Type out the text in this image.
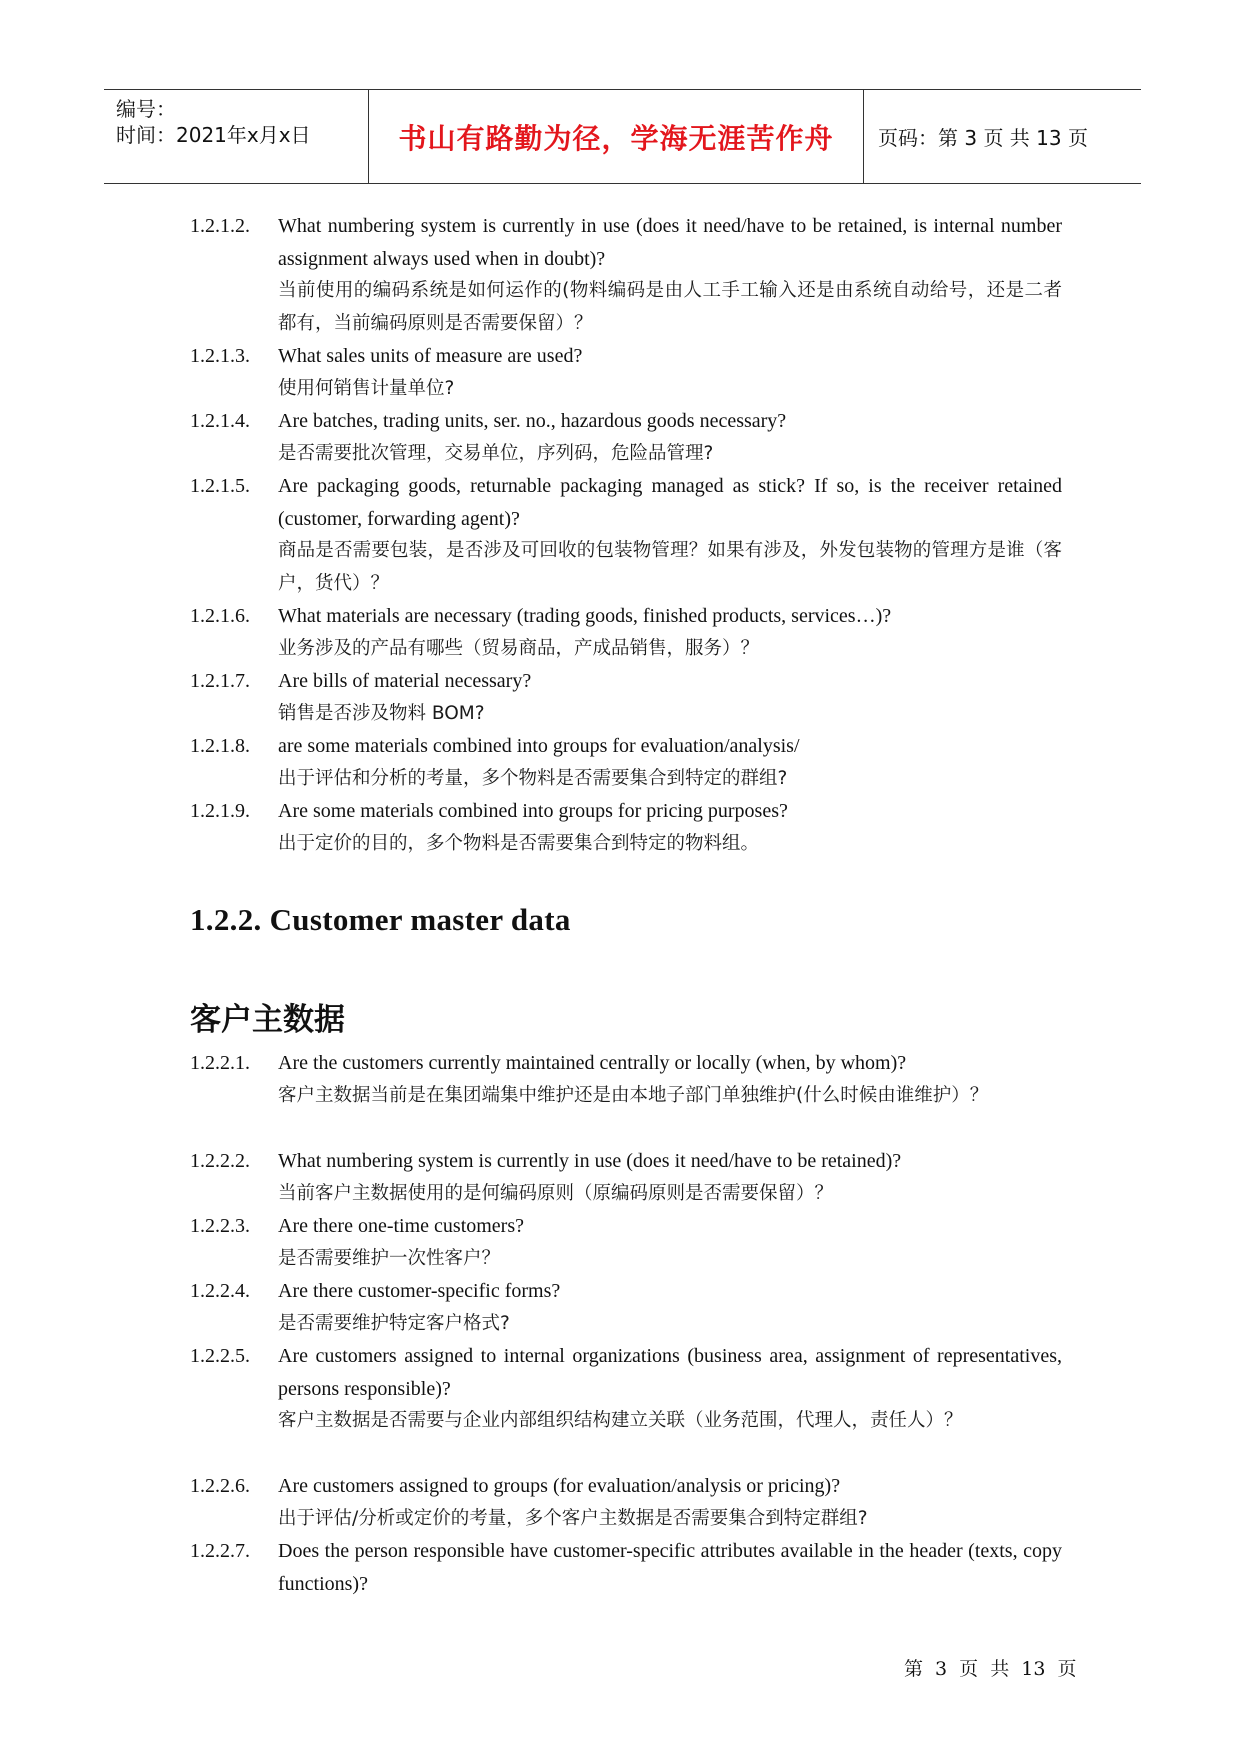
编号：
时间：2021年x月x日	书山有路勤为径，学海无涯苦作舟 页码：第 3 页 共 13 页
1.2.1.2. What numbering system is currently in use (does it need/have to be retained, is internal number assignment always used when in doubt)?
当前使用的编码系统是如何运作的(物料编码是由人工手工输入还是由系统自动给号，还是二者都有，当前编码原则是否需要保留）？
1.2.1.3. What sales units of measure are used?
使用何销售计量单位?
1.2.1.4. Are batches, trading units, ser. no., hazardous goods necessary?
是否需要批次管理，交易单位，序列码，危险品管理?
1.2.1.5. Are packaging goods, returnable packaging managed as stick? If so, is the receiver retained (customer, forwarding agent)?
商品是否需要包装，是否涉及可回收的包装物管理？如果有涉及，外发包装物的管理方是谁（客户，货代）？
1.2.1.6. What materials are necessary (trading goods, finished products, services…)?
业务涉及的产品有哪些（贸易商品，产成品销售，服务）？
1.2.1.7. Are bills of material necessary?
销售是否涉及物料 BOM?
1.2.1.8. are some materials combined into groups for evaluation/analysis/
出于评估和分析的考量，多个物料是否需要集合到特定的群组?
1.2.1.9. Are some materials combined into groups for pricing purposes?
出于定价的目的，多个物料是否需要集合到特定的物料组。
1.2.2. Customer master data
客户主数据
1.2.2.1. Are the customers currently maintained centrally or locally (when, by whom)?
客户主数据当前是在集团端集中维护还是由本地子部门单独维护(什么时候由谁维护）？
1.2.2.2. What numbering system is currently in use (does it need/have to be retained)?
当前客户主数据使用的是何编码原则（原编码原则是否需要保留）？
1.2.2.3. Are there one-time customers?
是否需要维护一次性客户？
1.2.2.4. Are there customer-specific forms?
是否需要维护特定客户格式?
1.2.2.5. Are customers assigned to internal organizations (business area, assignment of representatives, persons responsible)?
客户主数据是否需要与企业内部组织结构建立关联（业务范围，代理人，责任人）？
1.2.2.6. Are customers assigned to groups (for evaluation/analysis or pricing)?
出于评估/分析或定价的考量，多个客户主数据是否需要集合到特定群组?
1.2.2.7. Does the person responsible have customer-specific attributes available in the header (texts, copy functions)?
第 3 页 共 13 页
